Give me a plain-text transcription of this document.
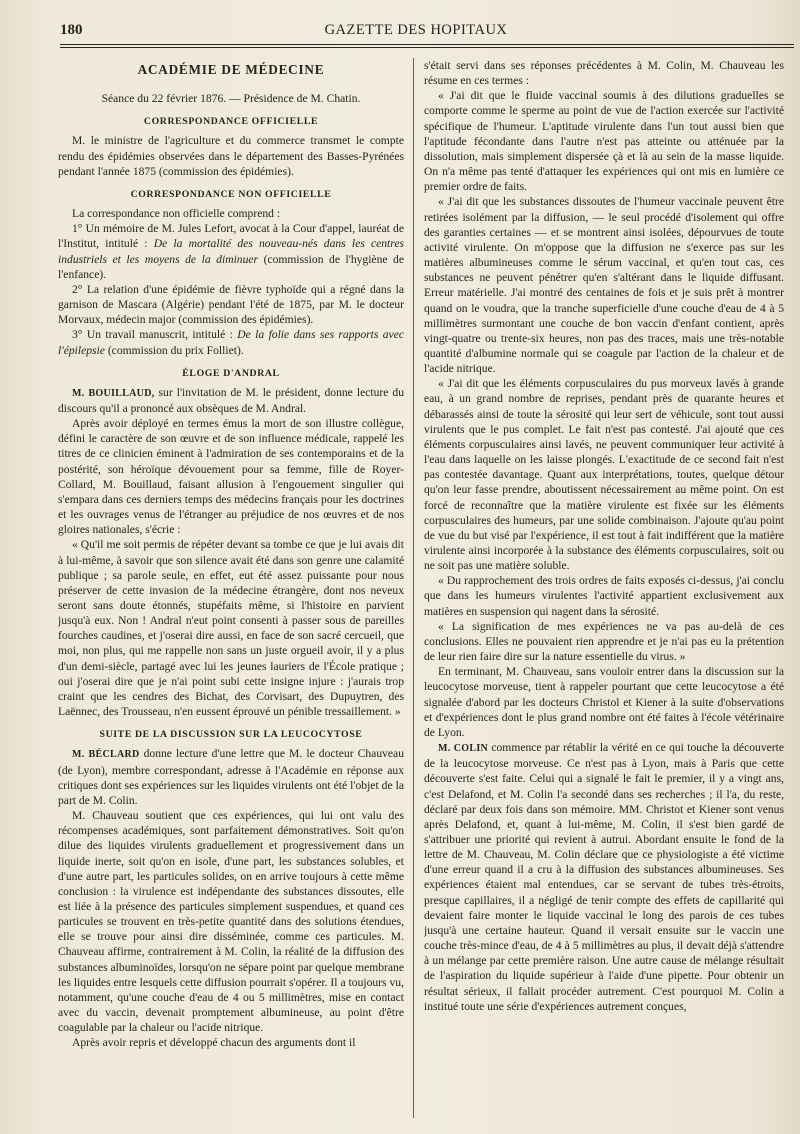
180	GAZETTE DES HOPITAUX
ACADÉMIE DE MÉDECINE
Séance du 22 février 1876. — Présidence de M. Chatin.
CORRESPONDANCE OFFICIELLE

M. le ministre de l'agriculture et du commerce transmet le compte rendu des épidémies observées dans le département des Basses-Pyrénées pendant l'année 1875 (commission des épidémies).

CORRESPONDANCE NON OFFICIELLE

La correspondance non officielle comprend :

1° Un mémoire de M. Jules Lefort, avocat à la Cour d'appel, lauréat de l'Institut, intitulé : De la mortalité des nouveau-nés dans les centres industriels et les moyens de la diminuer (commission de l'hygiène de l'enfance).

2° La relation d'une épidémie de fièvre typhoïde qui a régné dans la garnison de Mascara (Algérie) pendant l'été de 1875, par M. le docteur Morvaux, médecin major (commission des épidémies).

3° Un travail manuscrit, intitulé : De la folie dans ses rapports avec l'épilepsie (commission du prix Folliet).

ÉLOGE D'ANDRAL

M. BOUILLAUD, sur l'invitation de M. le président, donne lecture du discours qu'il a prononcé aux obsèques de M. Andral.

Après avoir déployé en termes émus la mort de son illustre collègue, défini le caractère de son œuvre et de son influence médicale, rappelé les titres de ce clinicien éminent à l'admiration de ses contemporains et de la postérité, son héroïque dévouement pour sa femme, fille de Royer-Collard, M. Bouillaud, faisant allusion à l'engouement singulier qui s'empara dans ces derniers temps des médecins français pour les doctrines et les ouvrages venus de l'étranger au préjudice de nos œuvres et de nos gloires nationales, s'écrie :

« Qu'il me soit permis de répéter devant sa tombe ce que je lui avais dit à lui-même, à savoir que son silence avait été dans son genre une calamité publique ; sa parole seule, en effet, eut été assez puissante pour nous préserver de cette invasion de la médecine étrangère, dont nos neveux seront sans doute étonnés, stupéfaits même, si l'histoire en parvient jusqu'à eux. Non ! Andral n'eut point consenti à passer sous de pareilles fourches caudines, et j'oserai dire aussi, en face de son sacré cercueil, que moi, non plus, qui me rappelle non sans un juste orgueil avoir, il y a plus d'un demi-siècle, partagé avec lui les jeunes lauriers de l'École pratique ; oui j'oserai dire que je n'ai point subi cette insigne injure : j'aurais trop craint que les cendres des Bichat, des Corvisart, des Dupuytren, des Laënnec, des Trousseau, n'en eussent éprouvé un pénible tressaillement. »

SUITE DE LA DISCUSSION SUR LA LEUCOCYTOSE

M. BÉCLARD donne lecture d'une lettre que M. le docteur Chauveau (de Lyon), membre correspondant, adresse à l'Académie en réponse aux critiques dont ses expériences sur les liquides virulents ont été l'objet de la part de M. Colin.

M. Chauveau soutient que ces expériences, qui lui ont valu des récompenses académiques, sont parfaitement démonstratives. Soit qu'on dilue des liquides virulents graduellement et progressivement dans un liquide inerte, soit qu'on en isole, d'une part, les substances solubles, et d'une autre part, les particules solides, on en arrive toujours à cette même conclusion : la virulence est indépendante des substances dissoutes, elle est liée à la présence des particules simplement suspendues, et quand ces particules se trouvent en très-petite quantité dans des solutions étendues, elle se trouve pour ainsi dire disséminée, comme ces particules. M. Chauveau affirme, contrairement à M. Colin, la réalité de la diffusion des substances albuminoïdes, lorsqu'on ne sépare point par quelque membrane les liquides entre lesquels cette diffusion pourrait s'opérer. Il a toujours vu, notamment, qu'une couche d'eau de 4 ou 5 millimètres, mise en contact avec du vaccin, devenait promptement albumineuse, au point d'être coagulable par la chaleur ou l'acide nitrique.

Après avoir repris et développé chacun des arguments dont il

s'était servi dans ses réponses précédentes à M. Colin, M. Chauveau les résume en ces termes :

« J'ai dit que le fluide vaccinal soumis à des dilutions graduelles se comporte comme le sperme au point de vue de l'action exercée sur l'activité spécifique de l'humeur. L'aptitude virulente dans l'un tout aussi bien que l'aptitude fécondante dans l'autre n'est pas atteinte ou atténuée par la dissolution, mais simplement dispersée çà et là au sein de la masse liquide. On n'a même pas tenté d'attaquer les expériences qui ont mis en lumière ce premier ordre de faits.

« J'ai dit que les substances dissoutes de l'humeur vaccinale peuvent être retirées isolément par la diffusion, — le seul procédé d'isolement qui offre des garanties certaines — et se montrent ainsi isolées, dépourvues de toute activité virulente. On m'oppose que la diffusion ne s'exerce pas sur les matières albumineuses comme le sérum vaccinal, et qu'en tout cas, ces substances ne peuvent pénétrer qu'en s'altérant dans le liquide diffusant. Erreur matérielle. J'ai montré des centaines de fois et je suis prêt à montrer quand on le voudra, que la tranche superficielle d'une couche d'eau de 4 à 5 millimètres surmontant une couche de bon vaccin d'enfant contient, après vingt-quatre ou trente-six heures, non pas des traces, mais une très-notable quantité d'albumine normale qui se coagule par l'action de la chaleur et de l'acide nitrique.

« J'ai dit que les éléments corpusculaires du pus morveux lavés à grande eau, à un grand nombre de reprises, pendant près de quarante heures et débarassés ainsi de toute la sérosité qui leur sert de véhicule, sont tout aussi virulents que le pus complet. Le fait n'est pas contesté. J'ai ajouté que ces éléments corpusculaires ainsi lavés, ne peuvent communiquer leur activité à l'eau dans laquelle on les laisse plongés. L'exactitude de ce second fait n'est pas contestée davantage. Quant aux interprétations, toutes, quelque détour qu'on leur fasse prendre, aboutissent nécessairement au même point. On est forcé de reconnaître que la matière virulente est fixée sur les éléments corpusculaires des humeurs, par une solide combinaison. J'ajoute qu'au point de vue du but visé par l'expérience, il est tout à fait indifférent que la matière virulente ainsi incorporée à la substance des éléments corpusculaires, soit ou ne soit pas une matière soluble.

« Du rapprochement des trois ordres de faits exposés ci-dessus, j'ai conclu que dans les humeurs virulentes l'activité appartient exclusivement aux matières en suspension qui nagent dans la sérosité.

« La signification de mes expériences ne va pas au-delà de ces conclusions. Elles ne pouvaient rien apprendre et je n'ai pas eu la prétention de leur rien faire dire sur la nature essentielle du virus. »

En terminant, M. Chauveau, sans vouloir entrer dans la discussion sur la leucocytose morveuse, tient à rappeler pourtant que cette leucocytose a été signalée d'abord par les docteurs Christol et Kiener à la suite d'observations et d'expériences dont le plus grand nombre ont été faites à l'école vétérinaire de Lyon.

M. COLIN commence par rétablir la vérité en ce qui touche la découverte de la leucocytose morveuse. Ce n'est pas à Lyon, mais à Paris que cette découverte s'est faite. Celui qui a signalé le fait le premier, il y a vingt ans, c'est Delafond, et M. Colin l'a secondé dans ses recherches ; il l'a, du reste, déclaré par deux fois dans son mémoire. MM. Christot et Kiener sont venus après Delafond, et, quant à lui-même, M. Colin, il s'est bien gardé de s'attribuer une priorité qui revient à autrui. Abordant ensuite le fond de la lettre de M. Chauveau, M. Colin déclare que ce physiologiste a été victime d'une erreur quand il a cru à la diffusion des substances albumineuses. Ses expériences étaient mal entendues, car se servant de tubes très-étroits, presque capillaires, il a négligé de tenir compte des effets de capillarité qui devaient faire monter le liquide vaccinal le long des parois de ces tubes jusqu'à une certaine hauteur. Quand il versait ensuite sur le vaccin une couche très-mince d'eau, de 4 à 5 millimètres au plus, il devait déjà s'attendre à un mélange par cette première raison. Une autre cause de mélange résultait de l'aspiration du liquide supérieur à l'aide d'une pipette. Pour obtenir un résultat sérieux, il fallait procéder autrement. C'est pourquoi M. Colin a institué toute une série d'expériences autrement conçues,
